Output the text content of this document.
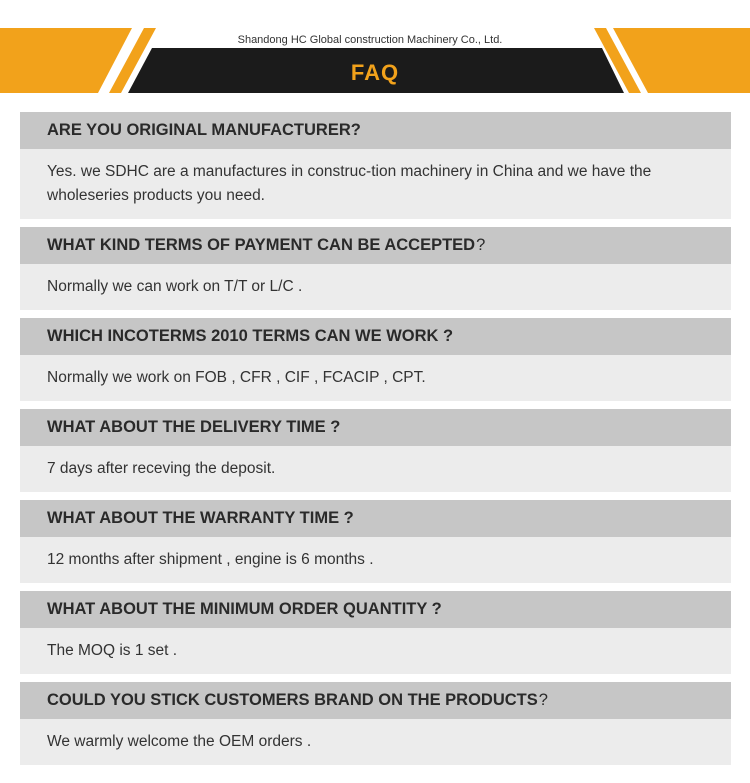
Shandong HC Global construction Machinery Co., Ltd.
FAQ
ARE YOU ORIGINAL MANUFACTURER?
Yes. we SDHC are a manufactures in construc-tion machinery in China and we have the wholeseries products you need.
WHAT KIND TERMS OF PAYMENT CAN BE ACCEPTED ?
Normally we can work on T/T or L/C .
WHICH INCOTERMS 2010 TERMS CAN WE WORK ?
Normally we work on FOB , CFR , CIF , FCACIP , CPT.
WHAT ABOUT THE DELIVERY TIME ?
7 days after receving the deposit.
WHAT ABOUT THE WARRANTY TIME ?
12 months after shipment , engine is 6 months .
WHAT ABOUT THE MINIMUM ORDER QUANTITY ?
The MOQ is 1 set .
COULD YOU STICK CUSTOMERS BRAND ON THE PRODUCTS ?
We warmly welcome the OEM orders .
